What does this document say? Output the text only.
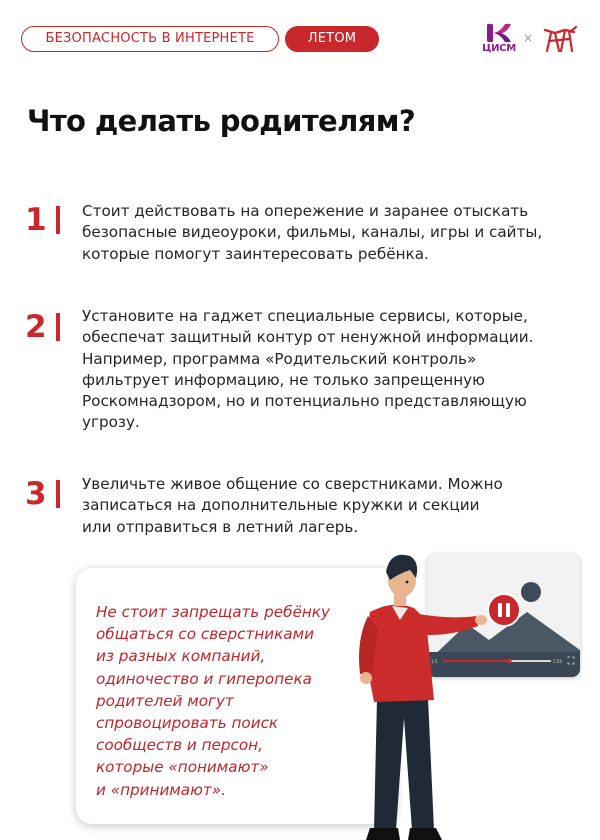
БЕЗОПАСНОСТЬ В ИНТЕРНЕТЕ	ЛЕТОМ
ЦИСМ
×
Что делать родителям?
1 Стоит действовать на опережение и заранее отыскать
безопасные видеоуроки, фильмы, каналы, игры и сайты,
которые помогут заинтересовать ребёнка.
2 Установите на гаджет специальные сервисы, которые,
обеспечат защитный контур от ненужной информации.
Например, программа «Родительский контроль»
фильтрует информацию, не только запрещенную
Роскомнадзором, но и потенциально представляющую
угрозу.
3 Увеличьте живое общение со сверстниками. Можно
записаться на дополнительные кружки и секции
или отправиться в летний лагерь.
1:5	1:50
Не стоит запрещать ребёнку
общаться со сверстниками
из разных компаний,
одиночество и гиперопека
родителей могут
спровоцировать поиск
сообществ и персон,
которые «понимают»
и «принимают».
